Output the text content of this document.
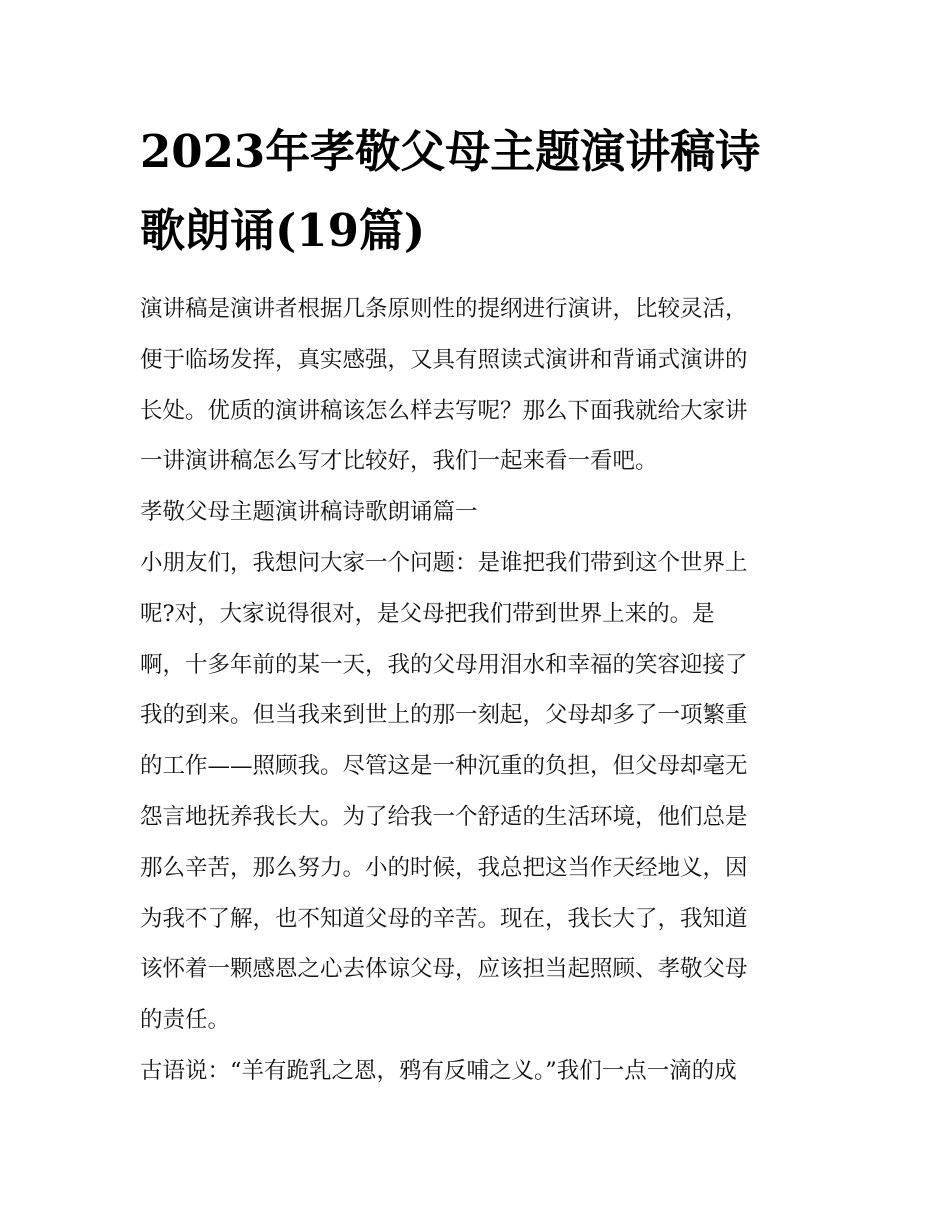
2023年孝敬父母主题演讲稿诗
歌朗诵(19篇)

演讲稿是演讲者根据几条原则性的提纲进行演讲，比较灵活，
便于临场发挥，真实感强，又具有照读式演讲和背诵式演讲的
长处。优质的演讲稿该怎么样去写呢？那么下面我就给大家讲
一讲演讲稿怎么写才比较好，我们一起来看一看吧。

孝敬父母主题演讲稿诗歌朗诵篇一

小朋友们，我想问大家一个问题：是谁把我们带到这个世界上
呢?对，大家说得很对，是父母把我们带到世界上来的。是
啊，十多年前的某一天，我的父母用泪水和幸福的笑容迎接了
我的到来。但当我来到世上的那一刻起，父母却多了一项繁重
的工作——照顾我。尽管这是一种沉重的负担，但父母却毫无
怨言地抚养我长大。为了给我一个舒适的生活环境，他们总是
那么辛苦，那么努力。小的时候，我总把这当作天经地义，因
为我不了解，也不知道父母的辛苦。现在，我长大了，我知道
该怀着一颗感恩之心去体谅父母，应该担当起照顾、孝敬父母
的责任。

古语说：“羊有跪乳之恩，鸦有反哺之义。”我们一点一滴的成
